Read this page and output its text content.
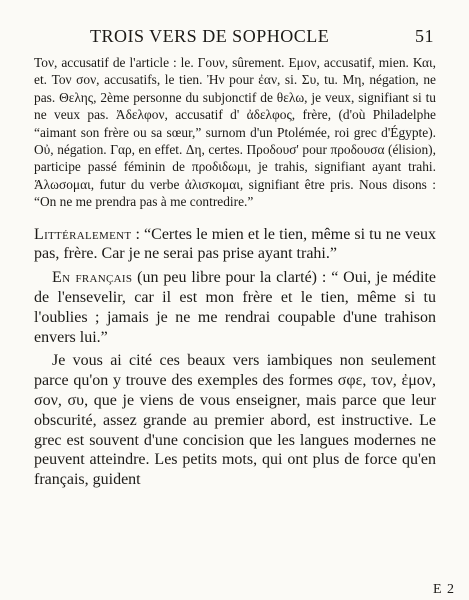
TROIS VERS DE SOPHOCLE	51

Τον, accusatif de l'article : le. Γουν, sûrement. Εμον, accusatif, mien. Και, et. Τον σον, accusatifs, le tien. Ἠν pour ἐαν, si. Συ, tu. Μη, négation, ne pas. Θελης, 2ème personne du subjonctif de θελω, je veux, signifiant si tu ne veux pas. Ἀδελφον, accusatif d' ἀδελφος, frère, (d'où Philadelphe “aimant son frère ou sa sœur,” surnom d'un Ptolémée, roi grec d'Égypte). Οὐ, négation. Γαρ, en effet. Δη, certes. Προδουσ' pour προδουσα (élision), participe passé féminin de προδιδωμι, je trahis, signifiant ayant trahi. Ἁλωσομαι, futur du verbe ἀλισκομαι, signifiant être pris. Nous disons : “On ne me prendra pas à me contredire.”

Littéralement : “Certes le mien et le tien, même si tu ne veux pas, frère. Car je ne serai pas prise ayant trahi.”

En français (un peu libre pour la clarté) : “ Oui, je médite de l'ensevelir, car il est mon frère et le tien, même si tu l'oublies ; jamais je ne me rendrai coupable d'une trahison envers lui.”

Je vous ai cité ces beaux vers iambiques non seulement parce qu'on y trouve des exemples des formes σφε, τον, ἐμον, σον, συ, que je viens de vous enseigner, mais parce que leur obscurité, assez grande au premier abord, est instructive. Le grec est souvent d'une concision que les langues modernes ne peuvent atteindre. Les petits mots, qui ont plus de force qu'en français, guident

E 2
